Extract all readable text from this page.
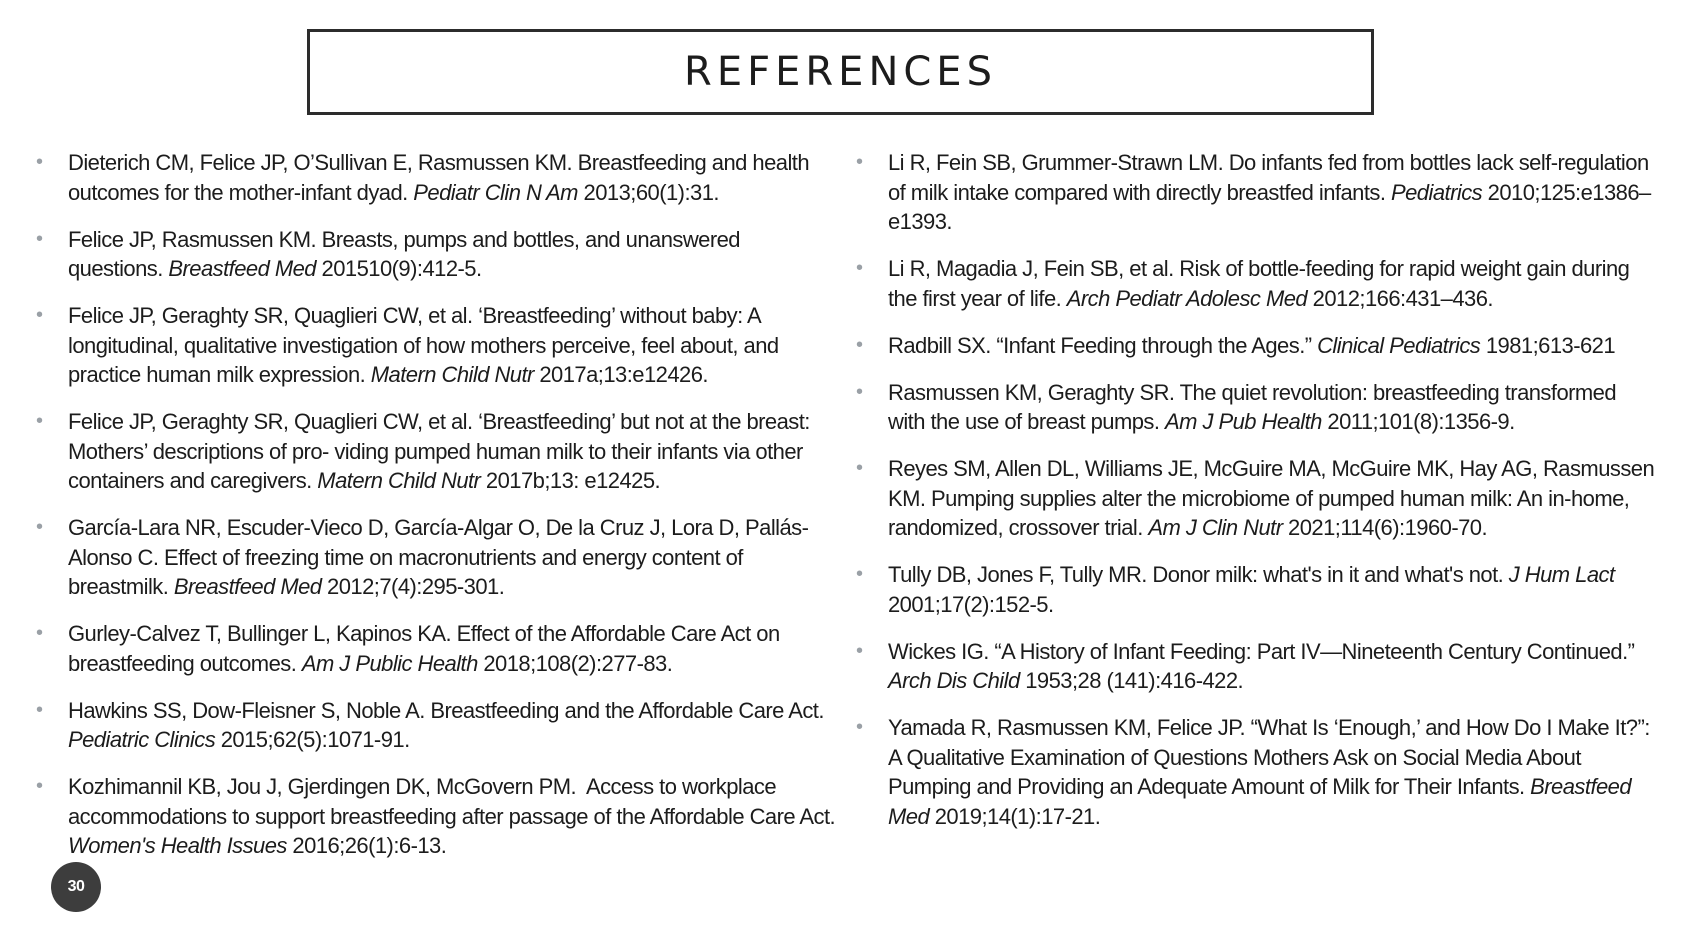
REFERENCES
• Dieterich CM, Felice JP, O’Sullivan E, Rasmussen KM. Breastfeeding and health outcomes for the mother-infant dyad. Pediatr Clin N Am 2013;60(1):31.
• Felice JP, Rasmussen KM. Breasts, pumps and bottles, and unanswered questions. Breastfeed Med 201510(9):412-5.
• Felice JP, Geraghty SR, Quaglieri CW, et al. ‘Breastfeeding’ without baby: A longitudinal, qualitative investigation of how mothers perceive, feel about, and practice human milk expression. Matern Child Nutr 2017a;13:e12426.
• Felice JP, Geraghty SR, Quaglieri CW, et al. ‘Breastfeeding’ but not at the breast: Mothers’ descriptions of pro- viding pumped human milk to their infants via other containers and caregivers. Matern Child Nutr 2017b;13: e12425.
• García-Lara NR, Escuder-Vieco D, García-Algar O, De la Cruz J, Lora D, Pallás-Alonso C. Effect of freezing time on macronutrients and energy content of breastmilk. Breastfeed Med 2012;7(4):295-301.
• Gurley-Calvez T, Bullinger L, Kapinos KA. Effect of the Affordable Care Act on breastfeeding outcomes. Am J Public Health 2018;108(2):277-83.
• Hawkins SS, Dow-Fleisner S, Noble A. Breastfeeding and the Affordable Care Act. Pediatric Clinics 2015;62(5):1071-91.
• Kozhimannil KB, Jou J, Gjerdingen DK, McGovern PM.  Access to workplace accommodations to support breastfeeding after passage of the Affordable Care Act. Women's Health Issues 2016;26(1):6-13.
• Li R, Fein SB, Grummer-Strawn LM. Do infants fed from bottles lack self-regulation of milk intake compared with directly breastfed infants. Pediatrics 2010;125:e1386– e1393.
• Li R, Magadia J, Fein SB, et al. Risk of bottle-feeding for rapid weight gain during the first year of life. Arch Pediatr Adolesc Med 2012;166:431–436.
• Radbill SX. “Infant Feeding through the Ages.” Clinical Pediatrics 1981;613-621
• Rasmussen KM, Geraghty SR. The quiet revolution: breastfeeding transformed with the use of breast pumps. Am J Pub Health 2011;101(8):1356-9.
• Reyes SM, Allen DL, Williams JE, McGuire MA, McGuire MK, Hay AG, Rasmussen KM. Pumping supplies alter the microbiome of pumped human milk: An in-home, randomized, crossover trial. Am J Clin Nutr 2021;114(6):1960-70.
• Tully DB, Jones F, Tully MR. Donor milk: what's in it and what's not. J Hum Lact 2001;17(2):152-5.
• Wickes IG. “A History of Infant Feeding: Part IV—Nineteenth Century Continued.” Arch Dis Child 1953;28 (141):416-422.
• Yamada R, Rasmussen KM, Felice JP. “What Is ‘Enough,’ and How Do I Make It?”: A Qualitative Examination of Questions Mothers Ask on Social Media About Pumping and Providing an Adequate Amount of Milk for Their Infants. Breastfeed Med 2019;14(1):17-21.
30
